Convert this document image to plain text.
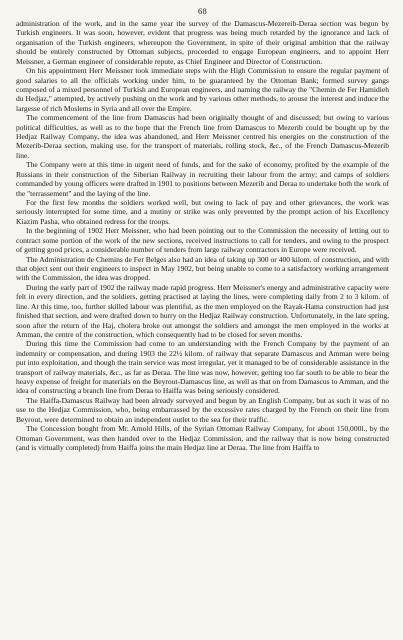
68

administration of the work, and in the same year the survey of the Damascus-Mezereib-Deraa section was begun by Turkish engineers. It was soon, however, evident that progress was being much retarded by the ignorance and lack of organisation of the Turkish engineers, whereupon the Government, in spite of their original ambition that the railway should be entirely constructed by Ottoman subjects, proceeded to engage European engineers, and to appoint Herr Meissner, a German engineer of considerable repute, as Chief Engineer and Director of Construction.

On his appointment Herr Meissner took immediate steps with the High Commission to ensure the regular payment of good salaries to all the officials working under him, to be guaranteed by the Ottoman Bank; formed survey gangs composed of a mixed personnel of Turkish and European engineers, and naming the railway the "Chemin de Fer Hamidieh du Hedjaz," attempted, by actively pushing on the work and by various other methods, to arouse the interest and induce the largesse of rich Moslems in Syria and all over the Empire.

The commencement of the line from Damascus had been originally thought of and discussed; but owing to various political difficulties, as well as to the hope that the French line from Damascus to Mezerib could be bought up by the Hedjaz Railway Company, the idea was abandoned, and Herr Meissner centred his energies on the construction of the Mezerib-Deraa section, making use, for the transport of materials, rolling stock, &c., of the French Damascus-Mezerib line.

The Company were at this time in urgent need of funds, and for the sake of economy, profited by the example of the Russians in their construction of the Siberian Railway in recruiting their labour from the army; and camps of soldiers commanded by young officers were drafted in 1901 to positions between Mezerib and Deraa to undertake both the work of the "terrassement" and the laying of the line.

For the first few months the soldiers worked well, but owing to lack of pay and other grievances, the work was seriously interrupted for some time, and a mutiny or strike was only prevented by the prompt action of his Excellency Kiazim Pasha, who obtained redress for the troops.

In the beginning of 1902 Herr Meissner, who had been pointing out to the Commission the necessity of letting out to contract some portion of the work of the new sections, received instructions to call for tenders, and owing to the prospect of getting good prices, a considerable number of tenders from large railway contractors in Europe were received.

The Administration de Chemins de Fer Belges also had an idea of taking up 300 or 400 kilom. of construction, and with that object sent out their engineers to inspect in May 1902, but being unable to come to a satisfactory working arrangement with the Commission, the idea was dropped.

During the early part of 1902 the railway made rapid progress. Herr Meissner's energy and administrative capacity were felt in every direction, and the soldiers, getting practised at laying the lines, were completing daily from 2 to 3 kilom. of line. At this time, too, further skilled labour was plentiful, as the men employed on the Rayak-Hama construction had just finished that section, and were drafted down to hurry on the Hedjaz Railway construction. Unfortunately, in the late spring, soon after the return of the Haj, cholera broke out amongst the soldiers and amongst the men employed in the works at Amman, the centre of the construction, which consequently had to be closed for seven months.

During this time the Commission had come to an understanding with the French Company by the payment of an indemnity or compensation, and during 1903 the 22½ kilom. of railway that separate Damascus and Amman were being put into exploitation, and though the train service was most irregular, yet it managed to be of considerable assistance in the transport of railway materials, &c., as far as Deraa. The line was now, however, getting too far south to be able to bear the heavy expense of freight for materials on the Beyrout-Damascus line, as well as that on from Damascus to Amman, and the idea of constructing a branch line from Deraa to Haiffa was being seriously considered.

The Haiffa-Damascus Railway had been already surveyed and begun by an English Company, but as such it was of no use to the Hedjaz Commission, who, being embarrassed by the excessive rates charged by the French on their line from Beyrout, were determined to obtain an independent outlet to the sea for their traffic.

The Concession bought from Mr. Arnold Hills, of the Syrian Ottoman Railway Company, for about 150,000l., by the Ottoman Government, was then handed over to the Hedjaz Commission, and the railway that is now being constructed (and is virtually completed) from Haiffa joins the main Hedjaz line at Deraa. The line from Haiffa to
